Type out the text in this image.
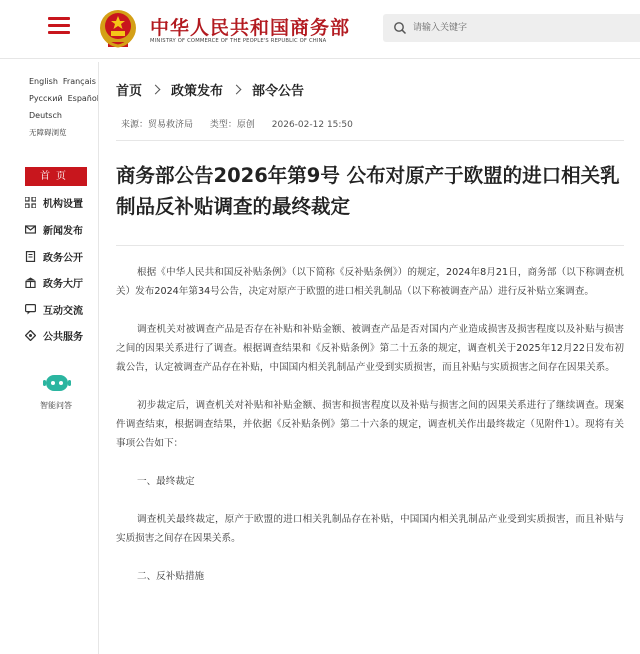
中华人民共和国商务部
MINISTRY OF COMMERCE OF THE PEOPLE'S REPUBLIC OF CHINA
请输入关键字
English Français
Русский Español
Deutsch
无障碍浏览
首页
机构设置
新闻发布
政务公开
政务大厅
互动交流
公共服务
智能问答
首页 政策发布 部令公告
来源：贸易救济局 类型：原创 2026-02-12 15:50
商务部公告2026年第9号 公布对原产于欧盟的进口相关乳制品反补贴调查的最终裁定

根据《中华人民共和国反补贴条例》（以下简称《反补贴条例》）的规定，2024年8月21日，商务部（以下称调查机关）发布2024年第34号公告，决定对原产于欧盟的进口相关乳制品（以下称被调查产品）进行反补贴立案调查。

调查机关对被调查产品是否存在补贴和补贴金额、被调查产品是否对国内产业造成损害及损害程度以及补贴与损害之间的因果关系进行了调查。根据调查结果和《反补贴条例》第二十五条的规定，调查机关于2025年12月22日发布初裁公告，认定被调查产品存在补贴，中国国内相关乳制品产业受到实质损害，而且补贴与实质损害之间存在因果关系。

初步裁定后，调查机关对补贴和补贴金额、损害和损害程度以及补贴与损害之间的因果关系进行了继续调查。现案件调查结束，根据调查结果，并依据《反补贴条例》第二十六条的规定，调查机关作出最终裁定（见附件1）。现将有关事项公告如下：

一、最终裁定

调查机关最终裁定，原产于欧盟的进口相关乳制品存在补贴，中国国内相关乳制品产业受到实质损害，而且补贴与实质损害之间存在因果关系。

二、反补贴措施
